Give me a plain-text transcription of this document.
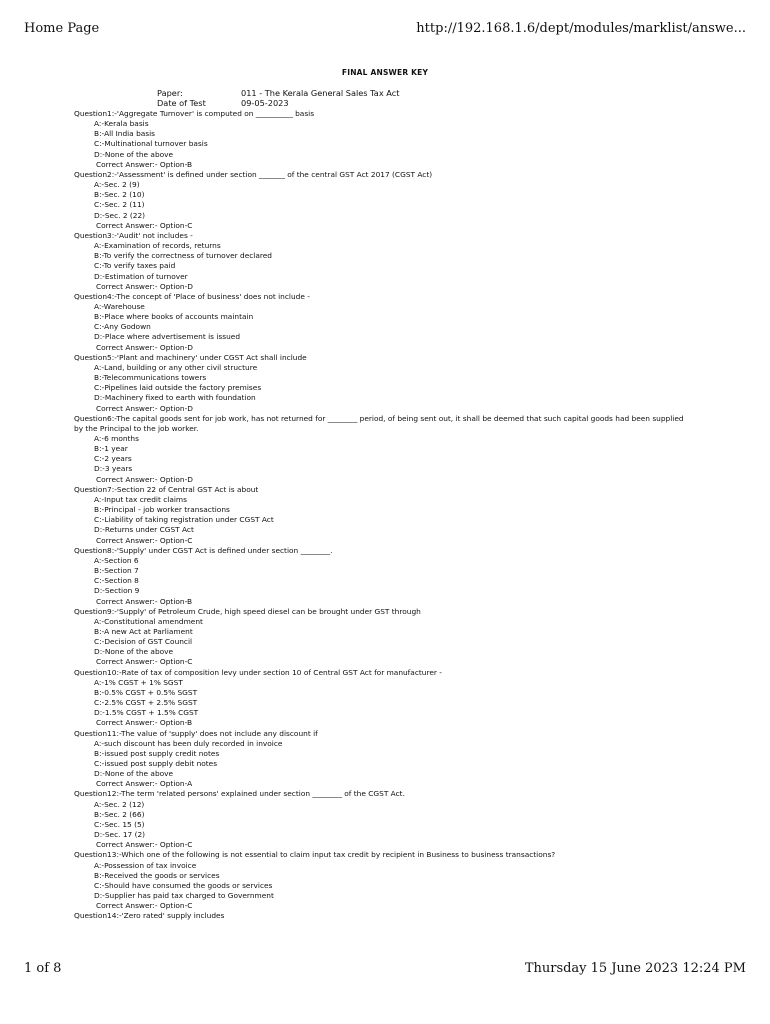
Home Page	http://192.168.1.6/dept/modules/marklist/answe...
FINAL ANSWER KEY
Paper:	011 - The Kerala General Sales Tax Act
Date of Test	09-05-2023
Question1:-'Aggregate Turnover' is computed on __________ basis
A:-Kerala basis
B:-All India basis
C:-Multinational turnover basis
D:-None of the above
Correct Answer:- Option-B
Question2:-'Assessment' is defined under section _______ of the central GST Act 2017 (CGST Act)
A:-Sec. 2 (9)
B:-Sec. 2 (10)
C:-Sec. 2 (11)
D:-Sec. 2 (22)
Correct Answer:- Option-C
Question3:-'Audit' not includes -
A:-Examination of records, returns
B:-To verify the correctness of turnover declared
C:-To verify taxes paid
D:-Estimation of turnover
Correct Answer:- Option-D
Question4:-The concept of 'Place of business' does not include -
A:-Warehouse
B:-Place where books of accounts maintain
C:-Any Godown
D:-Place where advertisement is issued
Correct Answer:- Option-D
Question5:-'Plant and machinery' under CGST Act shall include
A:-Land, building or any other civil structure
B:-Telecommunications towers
C:-Pipelines laid outside the factory premises
D:-Machinery fixed to earth with foundation
Correct Answer:- Option-D
Question6:-The capital goods sent for job work, has not returned for ________ period, of being sent out, it shall be deemed that such capital goods had been supplied by the Principal to the job worker.
A:-6 months
B:-1 year
C:-2 years
D:-3 years
Correct Answer:- Option-D
Question7:-Section 22 of Central GST Act is about
A:-Input tax credit claims
B:-Principal - job worker transactions
C:-Liability of taking registration under CGST Act
D:-Returns under CGST Act
Correct Answer:- Option-C
Question8:-'Supply' under CGST Act is defined under section ________.
A:-Section 6
B:-Section 7
C:-Section 8
D:-Section 9
Correct Answer:- Option-B
Question9:-'Supply' of Petroleum Crude, high speed diesel can be brought under GST through
A:-Constitutional amendment
B:-A new Act at Parliament
C:-Decision of GST Council
D:-None of the above
Correct Answer:- Option-C
Question10:-Rate of tax of composition levy under section 10 of Central GST Act for manufacturer -
A:-1% CGST + 1% SGST
B:-0.5% CGST + 0.5% SGST
C:-2.5% CGST + 2.5% SGST
D:-1.5% CGST + 1.5% CGST
Correct Answer:- Option-B
Question11:-The value of 'supply' does not include any discount if
A:-such discount has been duly recorded in invoice
B:-issued post supply credit notes
C:-issued post supply debit notes
D:-None of the above
Correct Answer:- Option-A
Question12:-The term 'related persons' explained under section ________ of the CGST Act.
A:-Sec. 2 (12)
B:-Sec. 2 (66)
C:-Sec. 15 (5)
D:-Sec. 17 (2)
Correct Answer:- Option-C
Question13:-Which one of the following is not essential to claim input tax credit by recipient in Business to business transactions?
A:-Possession of tax invoice
B:-Received the goods or services
C:-Should have consumed the goods or services
D:-Supplier has paid tax charged to Government
Correct Answer:- Option-C
Question14:-'Zero rated' supply includes
1 of 8	Thursday 15 June 2023 12:24 PM
